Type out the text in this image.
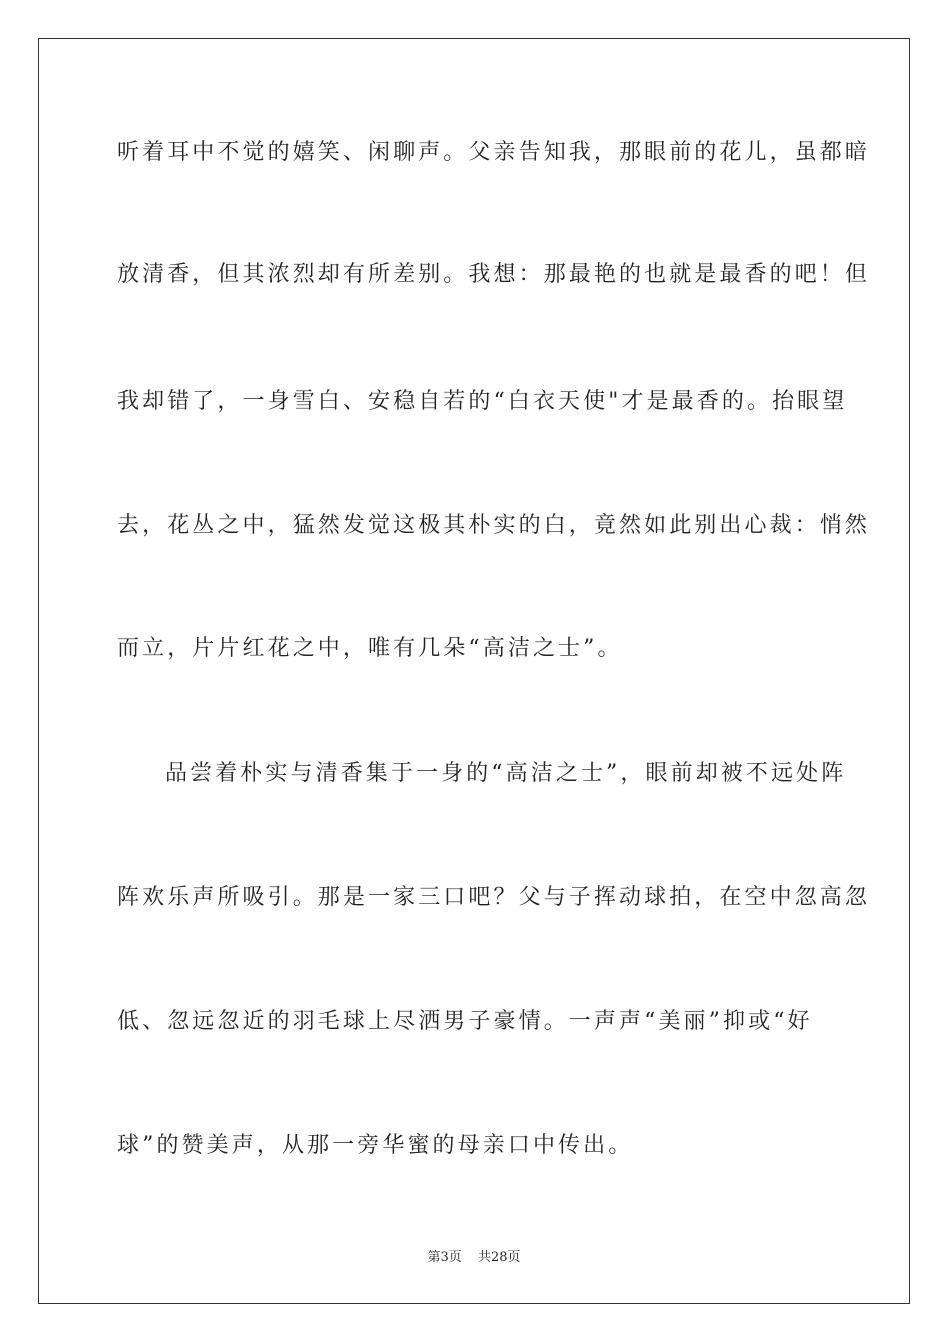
听着耳中不觉的嬉笑、闲聊声。父亲告知我，那眼前的花儿，虽都暗
放清香，但其浓烈却有所差别。我想：那最艳的也就是最香的吧！但
我却错了，一身雪白、安稳自若的“白衣天使"才是最香的。抬眼望
去，花丛之中，猛然发觉这极其朴实的白，竟然如此别出心裁：悄然
而立，片片红花之中，唯有几朵“高洁之士”。
品尝着朴实与清香集于一身的“高洁之士”，眼前却被不远处阵
阵欢乐声所吸引。那是一家三口吧？父与子挥动球拍，在空中忽高忽
低、忽远忽近的羽毛球上尽洒男子豪情。一声声“美丽”抑或“好
球”的赞美声，从那一旁华蜜的母亲口中传出。
第3页 共28页
